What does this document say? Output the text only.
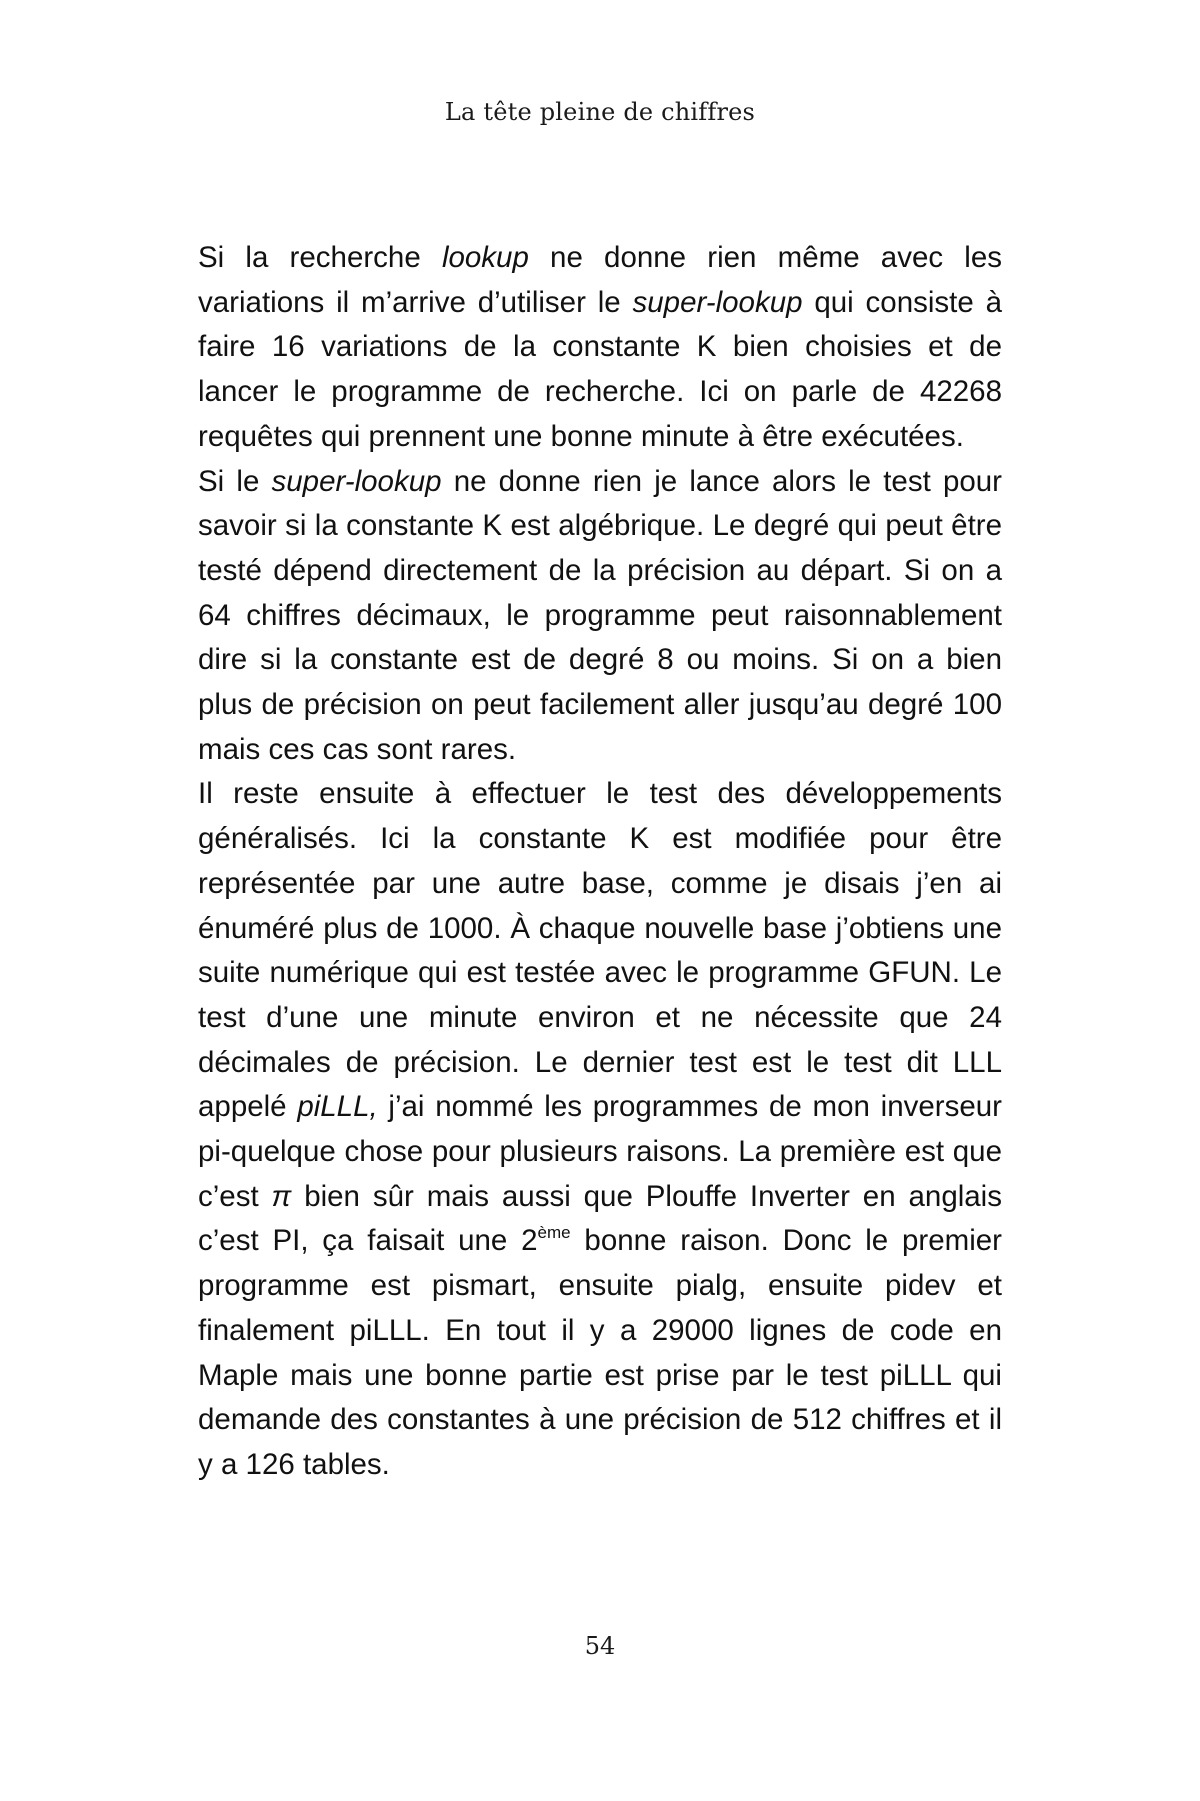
La tête pleine de chiffres

Si la recherche lookup ne donne rien même avec les variations il m’arrive d’utiliser le super-lookup qui consiste à faire 16 variations de la constante K bien choisies et de lancer le programme de recherche. Ici on parle de 42268 requêtes qui prennent une bonne minute à être exécutées.

Si le super-lookup ne donne rien je lance alors le test pour savoir si la constante K est algébrique. Le degré qui peut être testé dépend directement de la précision au départ. Si on a 64 chiffres décimaux, le programme peut raisonnablement dire si la constante est de degré 8 ou moins. Si on a bien plus de précision on peut facilement aller jusqu’au degré 100 mais ces cas sont rares.

Il reste ensuite à effectuer le test des développements généralisés. Ici la constante K est modifiée pour être représentée par une autre base, comme je disais j’en ai énuméré plus de 1000. À chaque nouvelle base j’obtiens une suite numérique qui est testée avec le programme GFUN. Le test d’une une minute environ et ne nécessite que 24 décimales de précision. Le dernier test est le test dit LLL appelé piLLL, j’ai nommé les programmes de mon inverseur pi-quelque chose pour plusieurs raisons. La première est que c’est π bien sûr mais aussi que Plouffe Inverter en anglais c’est PI, ça faisait une 2ème bonne raison. Donc le premier programme est pismart, ensuite pialg, ensuite pidev et finalement piLLL. En tout il y a 29000 lignes de code en Maple mais une bonne partie est prise par le test piLLL qui demande des constantes à une précision de 512 chiffres et il y a 126 tables.

54
